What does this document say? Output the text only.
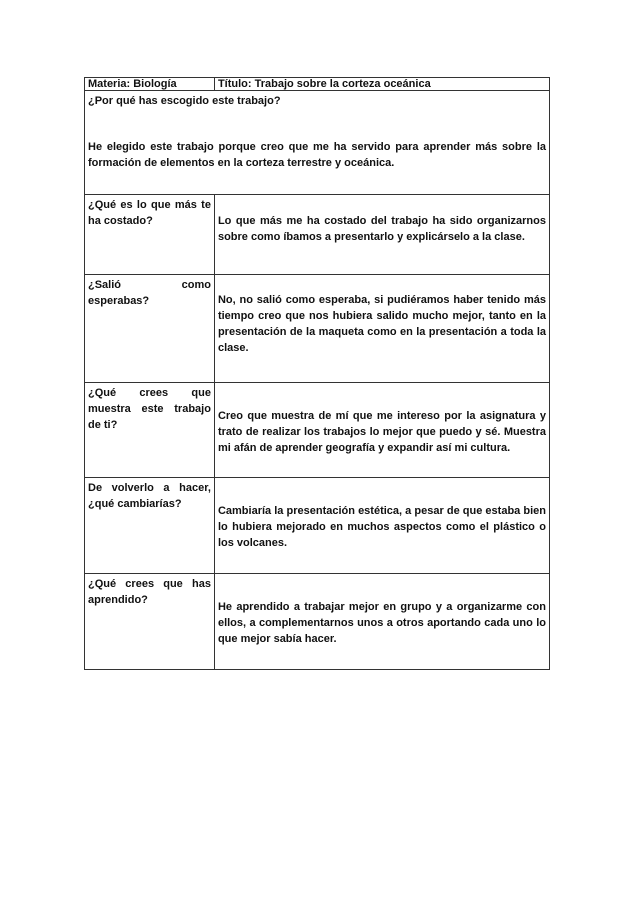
Materia: Biología	Título: Trabajo sobre la corteza oceánica

¿Por qué has escogido este trabajo?
He elegido este trabajo porque creo que me ha servido para aprender más sobre la formación de elementos en la corteza terrestre y oceánica.	

¿Qué es lo que más te ha costado?	Lo que más me ha costado del trabajo ha sido organizarnos sobre como íbamos a presentarlo y explicárselo a la clase.
¿Salió como esperabas?	No, no salió como esperaba, si pudiéramos haber tenido más tiempo creo que nos hubiera salido mucho mejor, tanto en la presentación de la maqueta como en la presentación a toda la clase.
¿Qué crees que muestra este trabajo de ti?	Creo que muestra de mí que me intereso por la asignatura y trato de realizar los trabajos lo mejor que puedo y sé. Muestra mi afán de aprender geografía y expandir así mi cultura.
De volverlo a hacer, ¿qué cambiarías?	Cambiaría la presentación estética, a pesar de que estaba bien lo hubiera mejorado en muchos aspectos como el plástico o los volcanes.
¿Qué crees que has aprendido?	He aprendido a trabajar mejor en grupo y a organizarme con ellos, a complementarnos unos a otros aportando cada uno lo que mejor sabía hacer.
